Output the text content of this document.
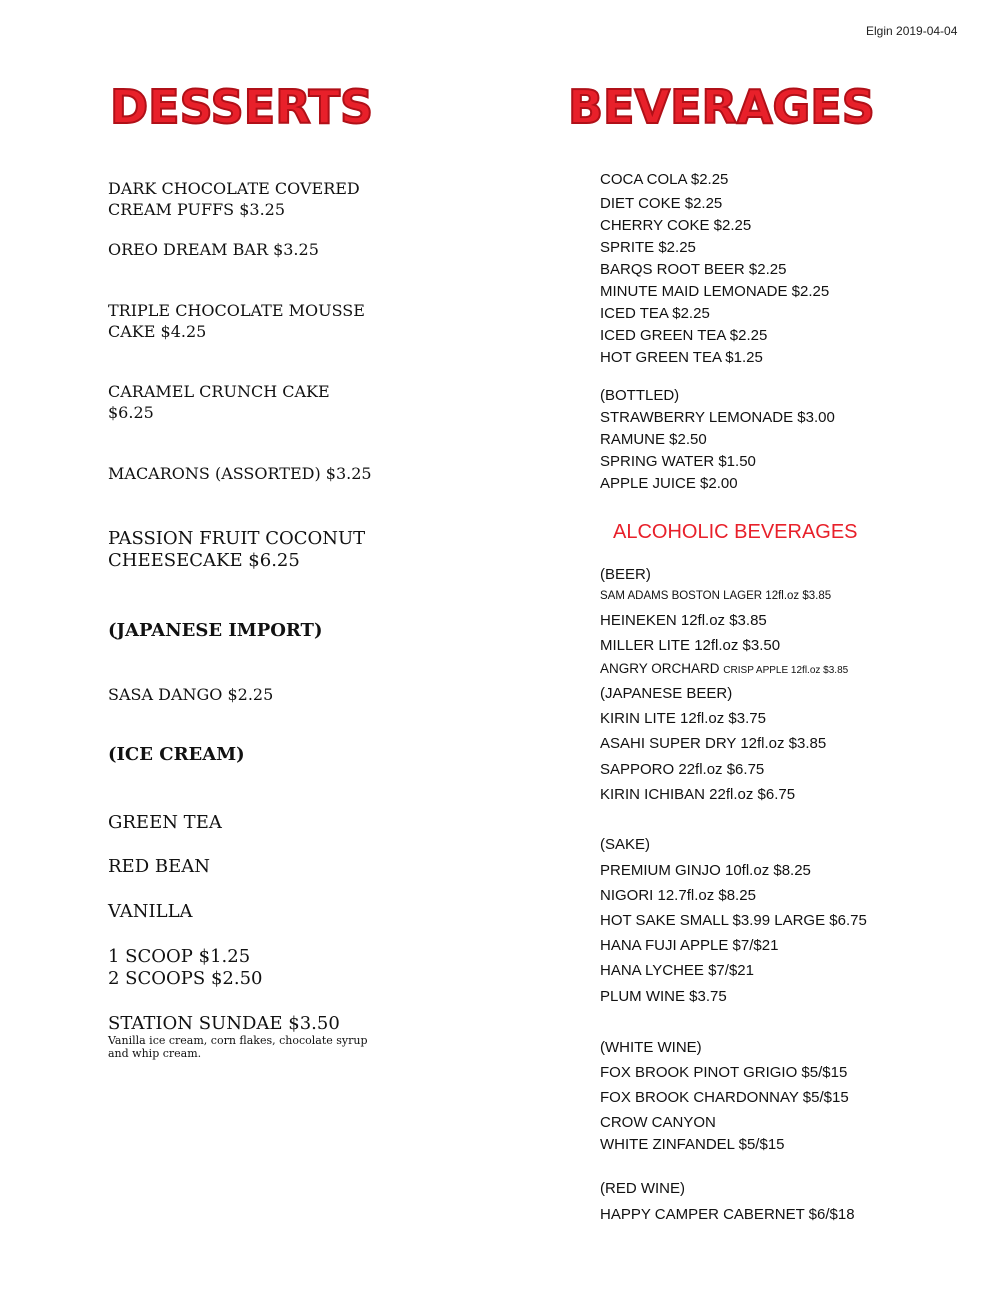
Elgin 2019-04-04
DESSERTS	BEVERAGES
DARK CHOCOLATE COVERED
CREAM PUFFS $3.25
OREO DREAM BAR $3.25
TRIPLE CHOCOLATE MOUSSE
CAKE $4.25
CARAMEL CRUNCH CAKE
$6.25
MACARONS (ASSORTED) $3.25
PASSION FRUIT COCONUT
CHEESECAKE $6.25
(JAPANESE IMPORT)
SASA DANGO $2.25
(ICE CREAM)
GREEN TEA
RED BEAN
VANILLA
1 SCOOP $1.25
2 SCOOPS $2.50
STATION SUNDAE $3.50
Vanilla ice cream, corn flakes, chocolate syrup
and whip cream.
COCA COLA $2.25
DIET COKE $2.25
CHERRY COKE $2.25
SPRITE $2.25
BARQS ROOT BEER $2.25
MINUTE MAID LEMONADE $2.25
ICED TEA $2.25
ICED GREEN TEA $2.25
HOT GREEN TEA $1.25
(BOTTLED)
STRAWBERRY LEMONADE $3.00
RAMUNE $2.50
SPRING WATER $1.50
APPLE JUICE $2.00
ALCOHOLIC BEVERAGES
(BEER)
SAM ADAMS BOSTON LAGER 12fl.oz $3.85
HEINEKEN 12fl.oz $3.85
MILLER LITE 12fl.oz $3.50
ANGRY ORCHARD CRISP APPLE 12fl.oz $3.85
(JAPANESE BEER)
KIRIN LITE 12fl.oz $3.75
ASAHI SUPER DRY 12fl.oz $3.85
SAPPORO 22fl.oz $6.75
KIRIN ICHIBAN 22fl.oz $6.75
(SAKE)
PREMIUM GINJO 10fl.oz $8.25
NIGORI 12.7fl.oz $8.25
HOT SAKE SMALL $3.99 LARGE $6.75
HANA FUJI APPLE $7/$21
HANA LYCHEE $7/$21
PLUM WINE $3.75
(WHITE WINE)
FOX BROOK PINOT GRIGIO $5/$15
FOX BROOK CHARDONNAY $5/$15
CROW CANYON
WHITE ZINFANDEL $5/$15
(RED WINE)
HAPPY CAMPER CABERNET $6/$18
